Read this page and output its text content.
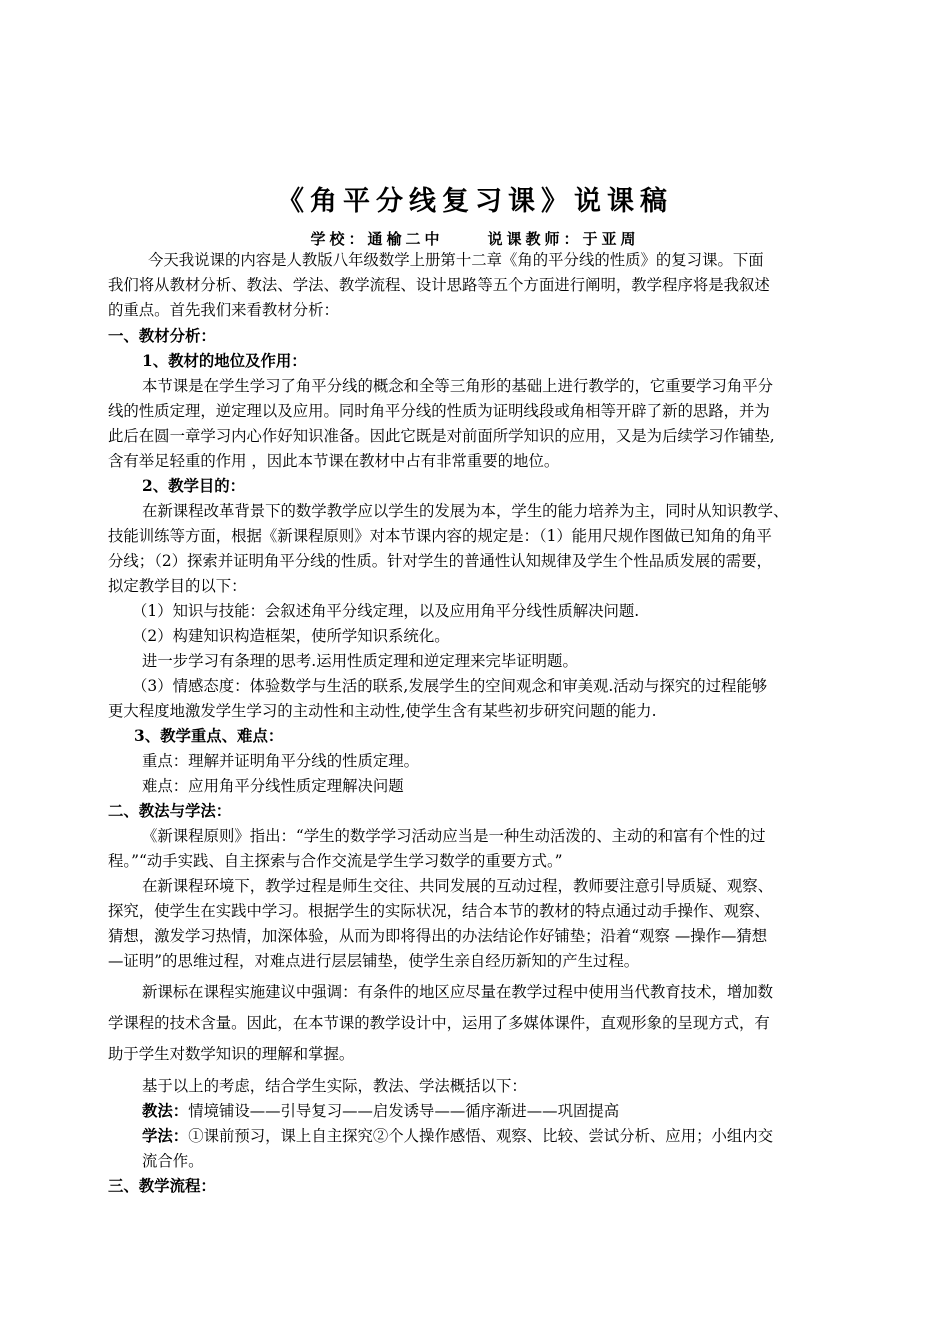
《角平分线复习课》说课稿
学校：通榆二中	说课教师：于亚周
今天我说课的内容是人教版八年级数学上册第十二章《角的平分线的性质》的复习课。下面
我们将从教材分析、教法、学法、教学流程、设计思路等五个方面进行阐明，教学程序将是我叙述
的重点。首先我们来看教材分析：
一、教材分析：
1、教材的地位及作用：
本节课是在学生学习了角平分线的概念和全等三角形的基础上进行教学的，它重要学习角平分
线的性质定理，逆定理以及应用。同时角平分线的性质为证明线段或角相等开辟了新的思路，并为
此后在圆一章学习内心作好知识准备。因此它既是对前面所学知识的应用，又是为后续学习作铺垫,
含有举足轻重的作用 ，因此本节课在教材中占有非常重要的地位。
2、教学目的：
在新课程改革背景下的数学教学应以学生的发展为本，学生的能力培养为主，同时从知识教学、
技能训练等方面，根据《新课程原则》对本节课内容的规定是：（1）能用尺规作图做已知角的角平
分线；（2）探索并证明角平分线的性质。针对学生的普通性认知规律及学生个性品质发展的需要，
拟定教学目的以下：
（1）知识与技能：会叙述角平分线定理，以及应用角平分线性质解决问题.
（2）构建知识构造框架，使所学知识系统化。
进一步学习有条理的思考.运用性质定理和逆定理来完毕证明题。
（3）情感态度：体验数学与生活的联系,发展学生的空间观念和审美观.活动与探究的过程能够
更大程度地激发学生学习的主动性和主动性,使学生含有某些初步研究问题的能力.
3、教学重点、难点：
重点：理解并证明角平分线的性质定理。
难点：应用角平分线性质定理解决问题
二、教法与学法：
《新课程原则》指出：“学生的数学学习活动应当是一种生动活泼的、主动的和富有个性的过
程。”“动手实践、自主探索与合作交流是学生学习数学的重要方式。”
在新课程环境下，教学过程是师生交往、共同发展的互动过程，教师要注意引导质疑、观察、
探究，使学生在实践中学习。根据学生的实际状况，结合本节的教材的特点通过动手操作、观察、
猜想，激发学习热情，加深体验，从而为即将得出的办法结论作好铺垫；沿着“观察 —操作—猜想
—证明”的思维过程，对难点进行层层铺垫，使学生亲自经历新知的产生过程。
新课标在课程实施建议中强调：有条件的地区应尽量在教学过程中使用当代教育技术，增加数
学课程的技术含量。因此，在本节课的教学设计中，运用了多媒体课件，直观形象的呈现方式，有
助于学生对数学知识的理解和掌握。
基于以上的考虑，结合学生实际，教法、学法概括以下：
教法：情境铺设——引导复习——启发诱导——循序渐进——巩固提高
学法：①课前预习，课上自主探究②个人操作感悟、观察、比较、尝试分析、应用；小组内交
流合作。
三、教学流程：
